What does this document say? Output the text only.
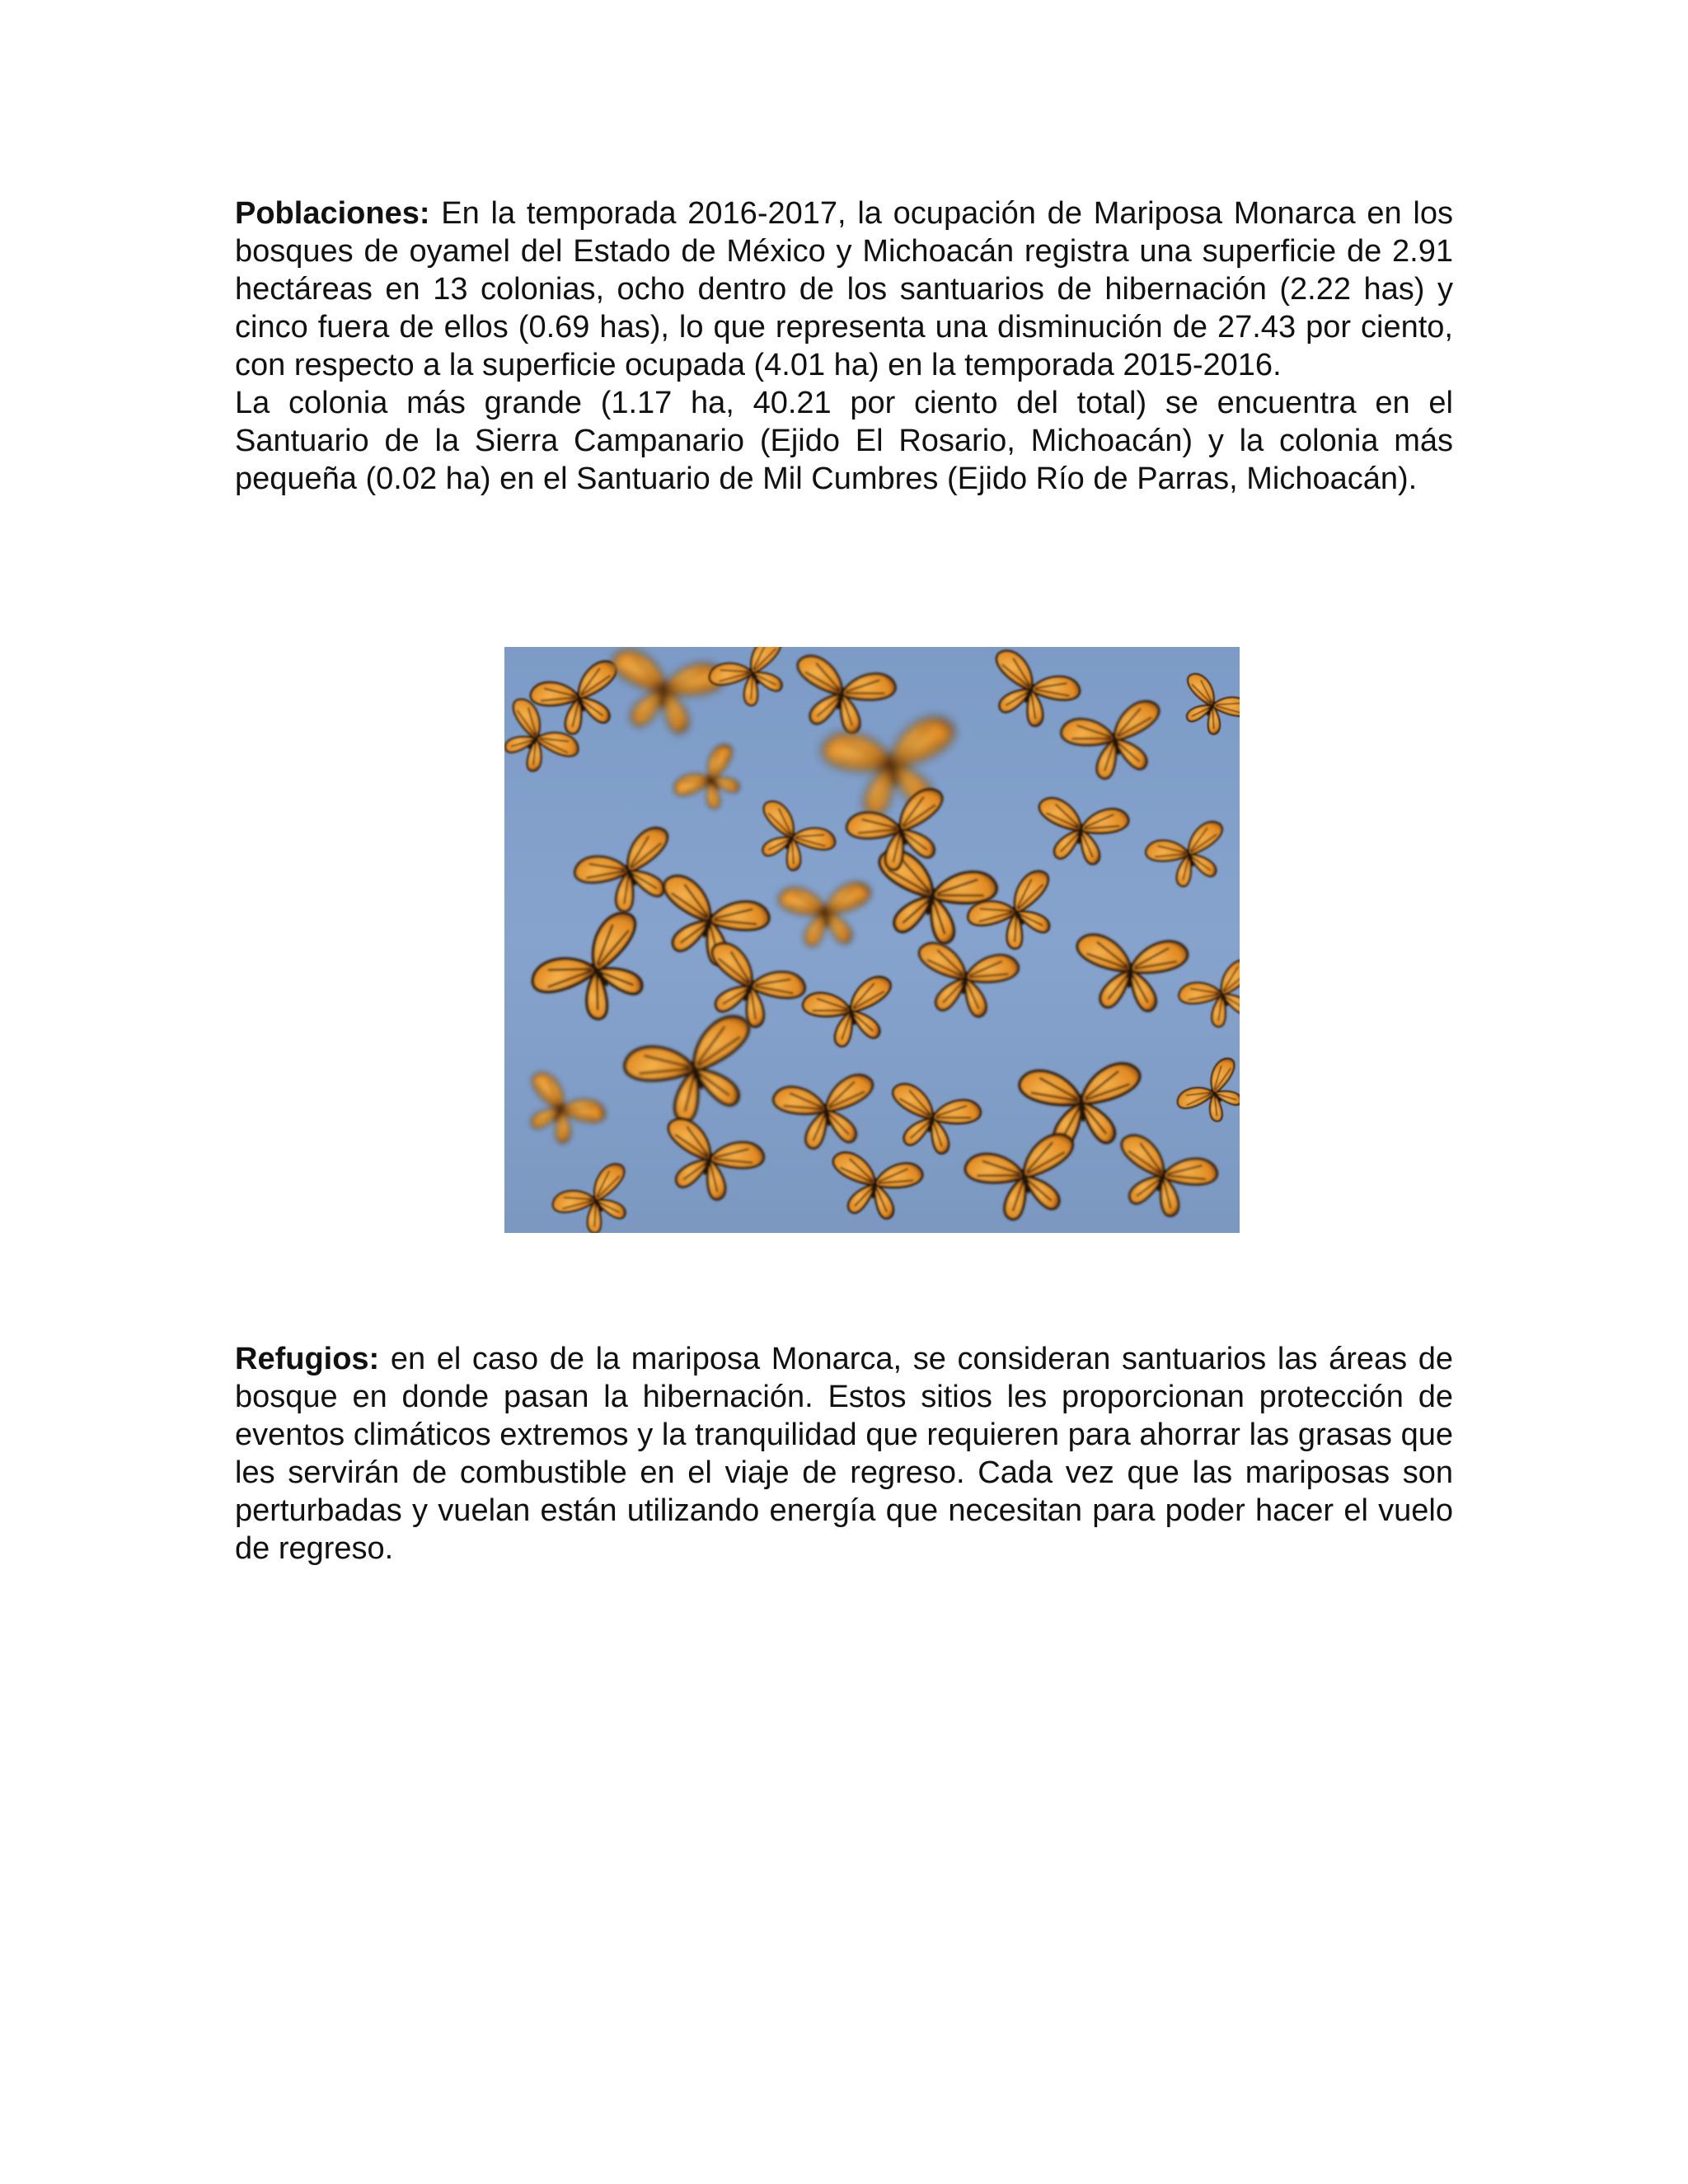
Poblaciones: En la temporada 2016-2017, la ocupación de Mariposa Monarca en los bosques de oyamel del Estado de México y Michoacán registra una superficie de 2.91 hectáreas en 13 colonias, ocho dentro de los santuarios de hibernación (2.22 has) y cinco fuera de ellos (0.69 has), lo que representa una disminución de 27.43 por ciento, con respecto a la superficie ocupada (4.01 ha) en la temporada 2015-2016.

La colonia más grande (1.17 ha, 40.21 por ciento del total) se encuentra en el Santuario de la Sierra Campanario (Ejido El Rosario, Michoacán) y la colonia más pequeña (0.02 ha) en el Santuario de Mil Cumbres (Ejido Río de Parras, Michoacán).

Refugios: en el caso de la mariposa Monarca, se consideran santuarios las áreas de bosque en donde pasan la hibernación. Estos sitios les proporcionan protección de eventos climáticos extremos y la tranquilidad que requieren para ahorrar las grasas que les servirán de combustible en el viaje de regreso. Cada vez que las mariposas son perturbadas y vuelan están utilizando energía que necesitan para poder hacer el vuelo de regreso.
